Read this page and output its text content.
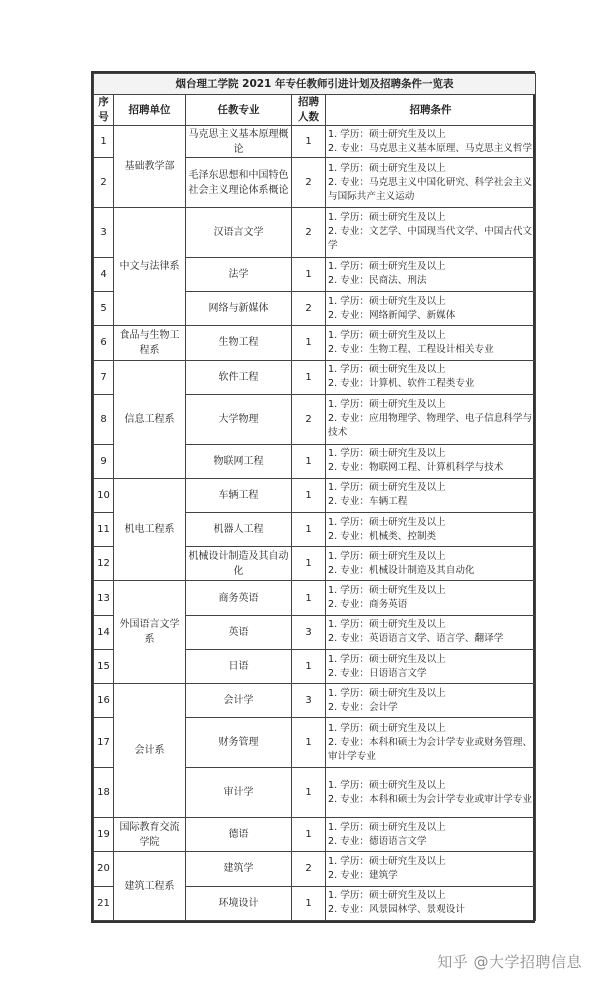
烟台理工学院 2021 年专任教师引进计划及招聘条件一览表				
序号	招聘单位	任教专业	招聘人数	招聘条件
1	基础教学部	马克思主义基本原理概论	1	1. 学历：硕士研究生及以上
2. 专业：马克思主义基本原理、马克思主义哲学

2		毛泽东思想和中国特色社会主义理论体系概论	2	1. 学历：硕士研究生及以上
2. 专业：马克思主义中国化研究、科学社会主义与国际共产主义运动

3	中文与法律系	汉语言文学	2	1. 学历：硕士研究生及以上
2. 专业：文艺学、中国现当代文学、中国古代文学

4		法学	1	1. 学历：硕士研究生及以上
2. 专业：民商法、刑法

5		网络与新媒体	2	1. 学历：硕士研究生及以上
2. 专业：网络新闻学、新媒体

6	食品与生物工程系	生物工程	1	1. 学历：硕士研究生及以上
2. 专业：生物工程、工程设计相关专业

7	信息工程系	软件工程	1	1. 学历：硕士研究生及以上
2. 专业：计算机、软件工程类专业

8		大学物理	2	1. 学历：硕士研究生及以上
2. 专业：应用物理学、物理学、电子信息科学与技术

9		物联网工程	1	1. 学历：硕士研究生及以上
2. 专业：物联网工程、计算机科学与技术

10	机电工程系	车辆工程	1	1. 学历：硕士研究生及以上
2. 专业：车辆工程

11		机器人工程	1	1. 学历：硕士研究生及以上
2. 专业：机械类、控制类

12		机械设计制造及其自动化	1	1. 学历：硕士研究生及以上
2. 专业：机械设计制造及其自动化

13	外国语言文学系	商务英语	1	1. 学历：硕士研究生及以上
2. 专业：商务英语

14		英语	3	1. 学历：硕士研究生及以上
2. 专业：英语语言文学、语言学、翻译学

15		日语	1	1. 学历：硕士研究生及以上
2. 专业：日语语言文学

16	会计系	会计学	3	1. 学历：硕士研究生及以上
2. 专业：会计学

17		财务管理	1	1. 学历：硕士研究生及以上
2. 专业：本科和硕士为会计学专业或财务管理、审计学专业

18		审计学	1	1. 学历：硕士研究生及以上
2. 专业：本科和硕士为会计学专业或审计学专业

19	国际教育交流学院	德语	1	1. 学历：硕士研究生及以上
2. 专业：德语语言文学

20	建筑工程系	建筑学	2	1. 学历：硕士研究生及以上
2. 专业：建筑学

21		环境设计	1	1. 学历：硕士研究生及以上
2. 专业：风景园林学、景观设计
知乎 @大学招聘信息
